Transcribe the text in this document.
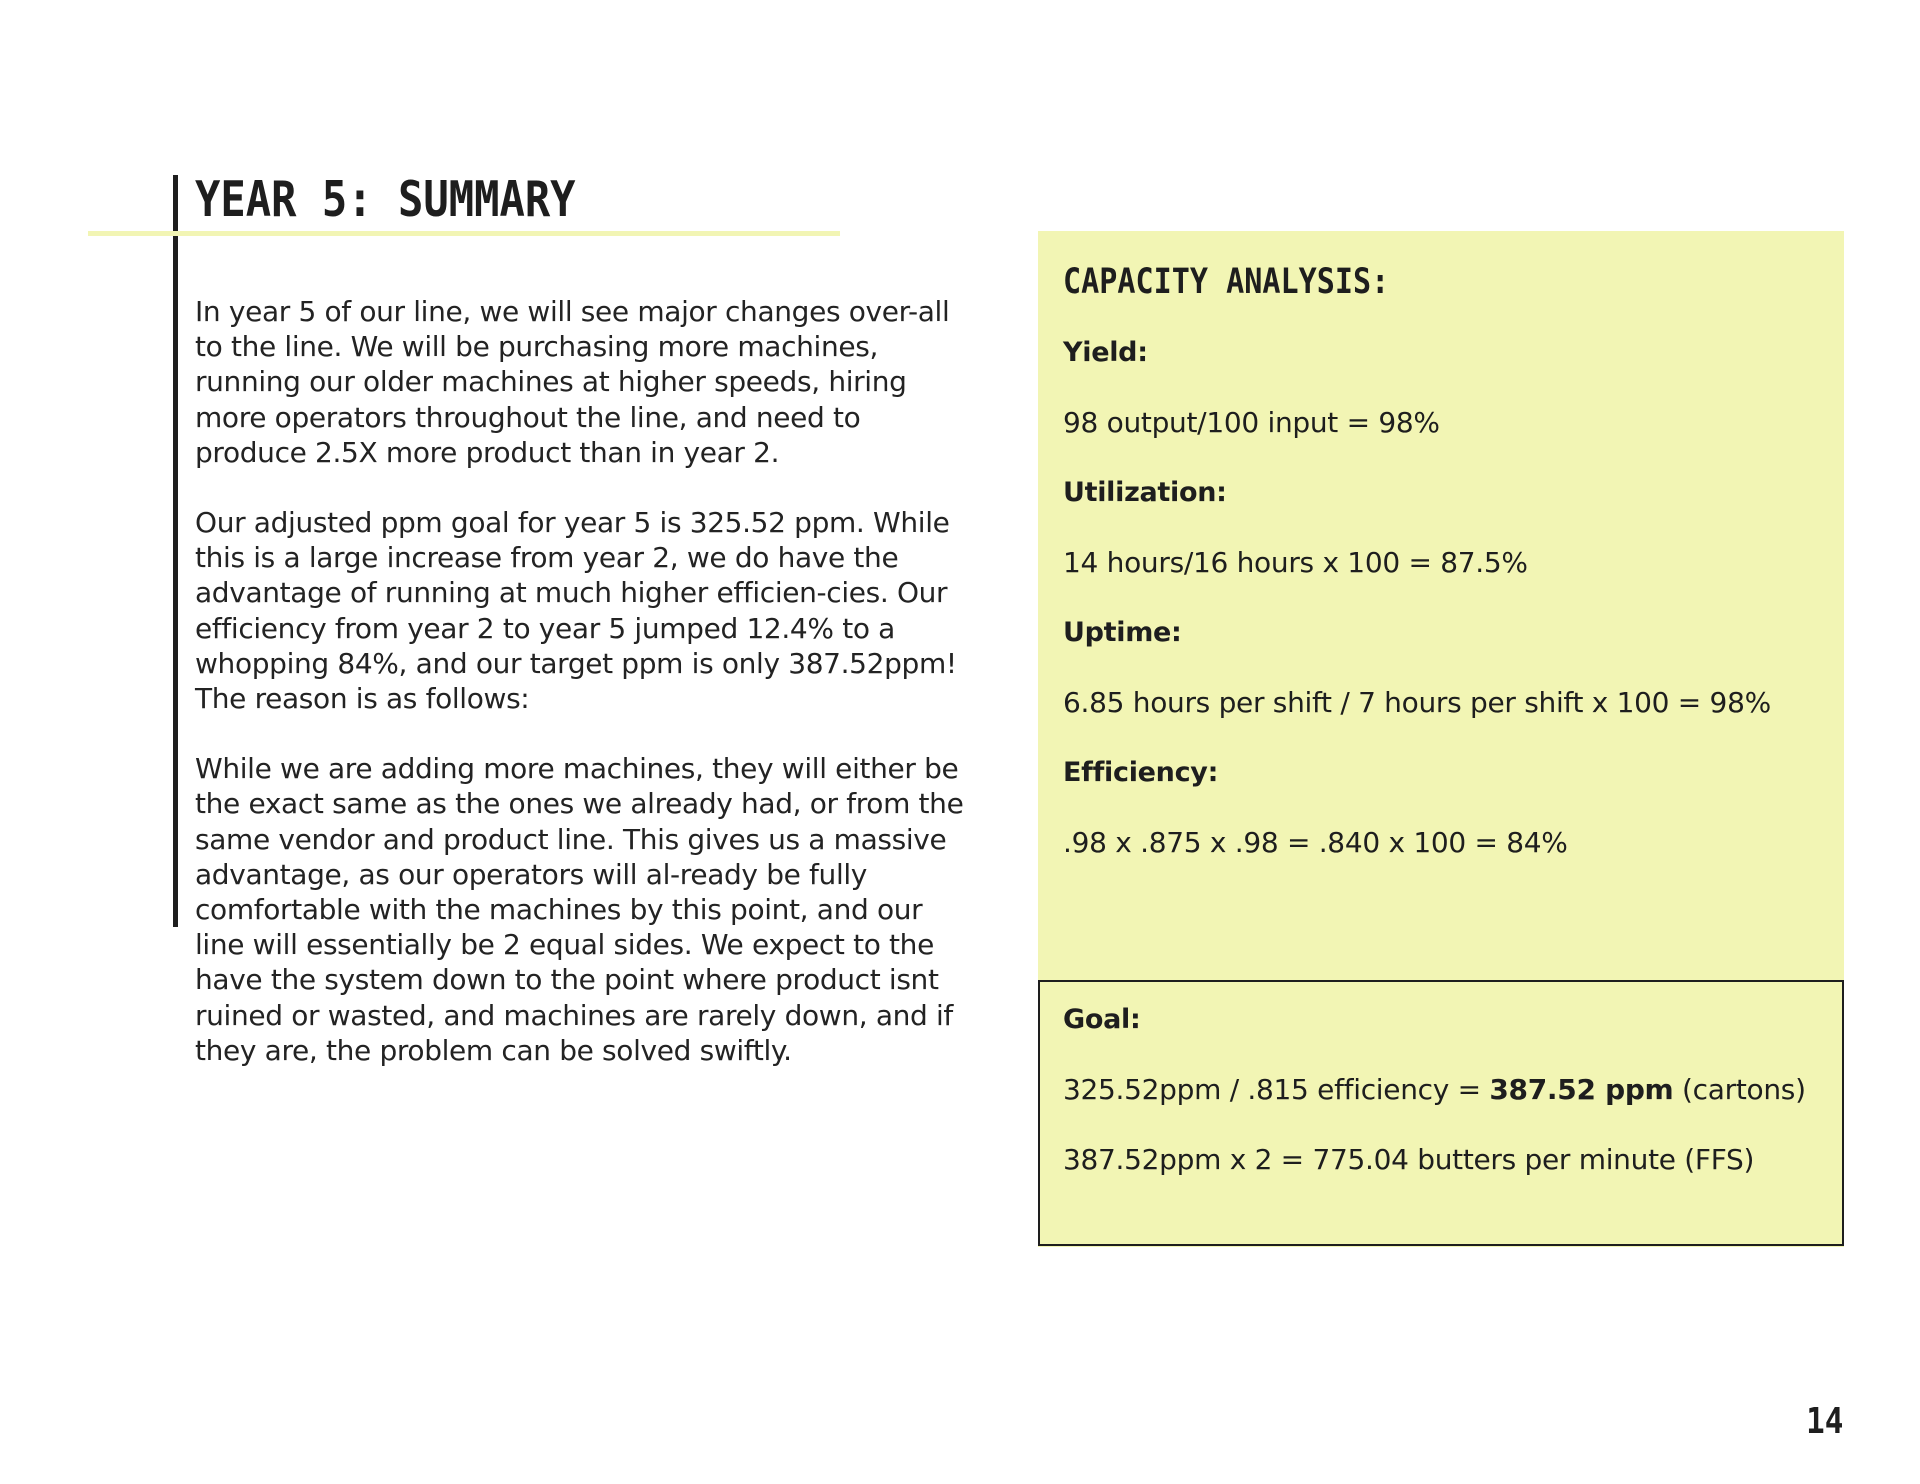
YEAR 5: SUMMARY

In year 5 of our line, we will see major changes over-all to the line. We will be purchasing more machines, running our older machines at higher speeds, hiring more operators throughout the line, and need to produce 2.5X more product than in year 2.

Our adjusted ppm goal for year 5 is 325.52 ppm. While this is a large increase from year 2, we do have the advantage of running at much higher efficien-cies. Our efficiency from year 2 to year 5 jumped 12.4% to a whopping 84%, and our target ppm is only 387.52ppm! The reason is as follows:

While we are adding more machines, they will either be the exact same as the ones we already had, or from the same vendor and product line. This gives us a massive advantage, as our operators will al-ready be fully comfortable with the machines by this point, and our line will essentially be 2 equal sides. We expect to the have the system down to the point where product isnt ruined or wasted, and machines are rarely down, and if they are, the problem can be solved swiftly.

CAPACITY ANALYSIS:

Yield:

98 output/100 input = 98%

Utilization:

14 hours/16 hours x 100 = 87.5%

Uptime:

6.85 hours per shift / 7 hours per shift x 100 = 98%

Efficiency:

.98 x .875 x .98 = .840 x 100 = 84%

Goal:

325.52ppm / .815 efficiency = 387.52 ppm (cartons)

387.52ppm x 2 = 775.04 butters per minute (FFS)

14
